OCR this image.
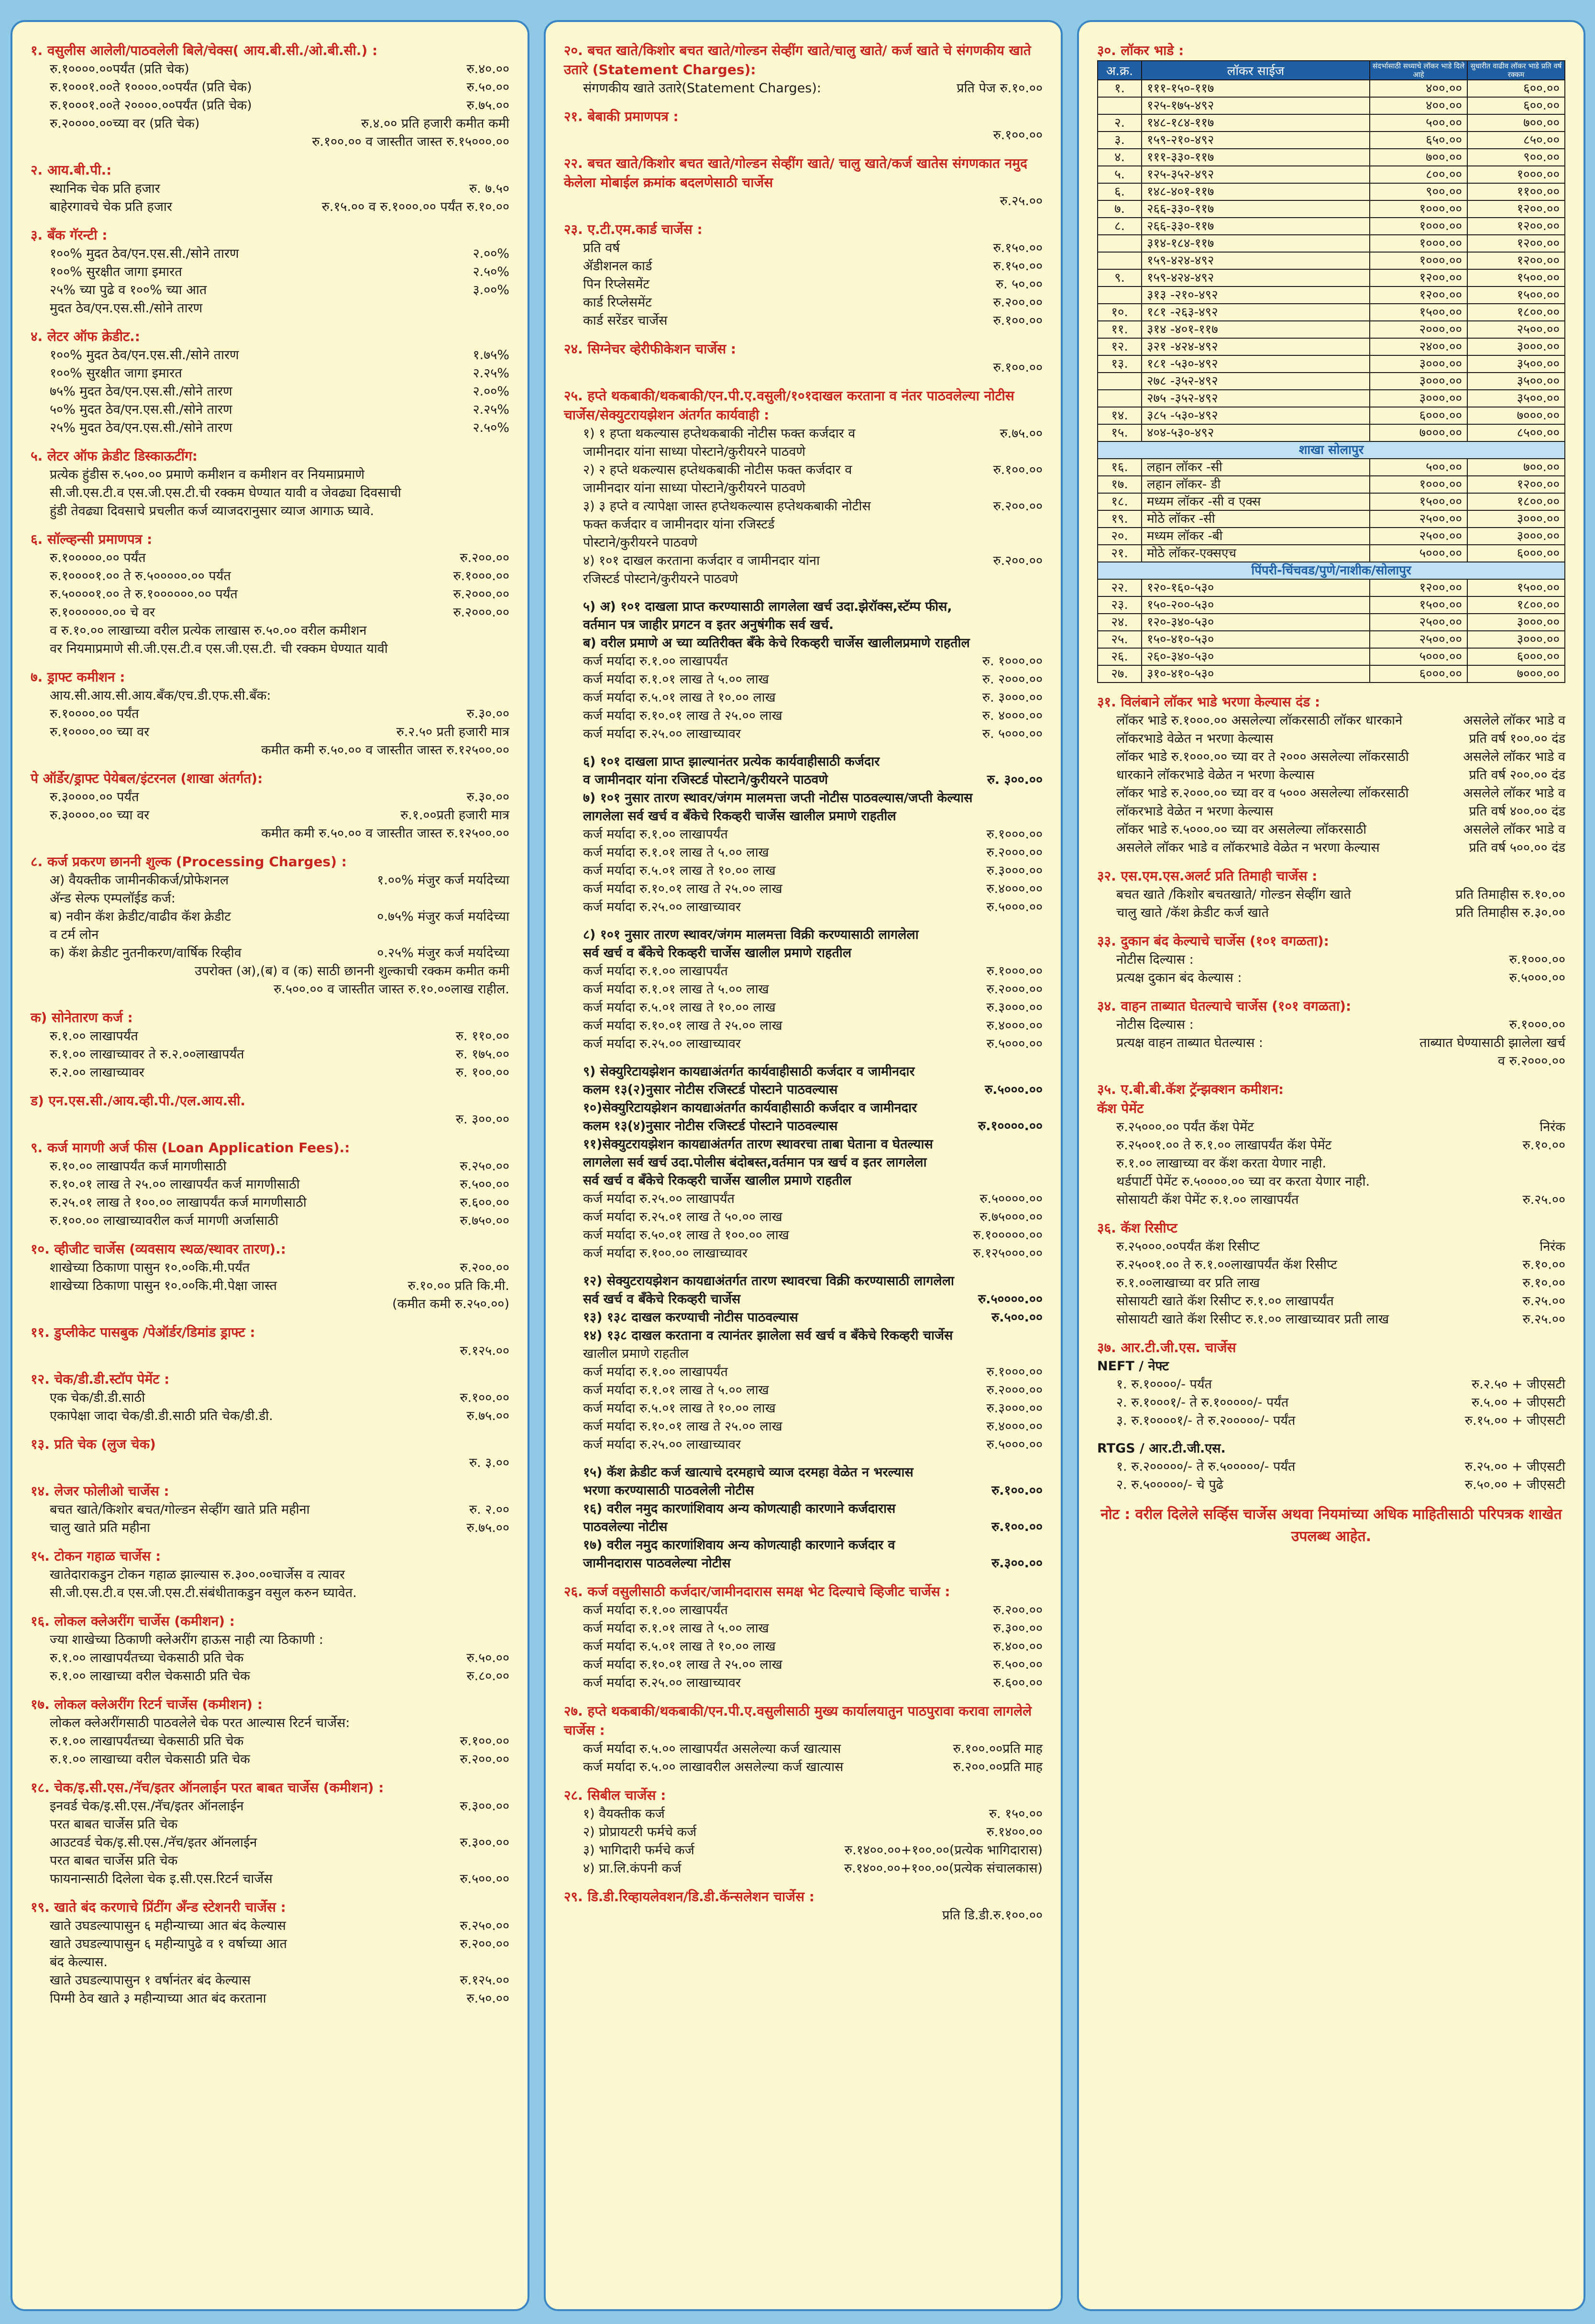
१. वसुलीस आलेली/पाठवलेली बिले/चेक्स( आय.बी.सी./ओ.बी.सी.) :
रु.१००००.००पर्यंत (प्रति चेक)	रु.४०.००
रु.१०००१.००ते १००००.००पर्यंत (प्रति चेक)	रु.५०.००
रु.१०००१.००ते २००००.००पर्यंत (प्रति चेक)	रु.७५.००
रु.२००००.००च्या वर (प्रति चेक)	रु.४.०० प्रति हजारी कमीत कमी
रु.१००.०० व जास्तीत जास्त रु.१५०००.००
२. आय.बी.पी.:
स्थानिक चेक प्रति हजार	रु. ७.५०
बाहेरगावचे चेक प्रति हजार	रु.१५.०० व रु.१०००.०० पर्यंत रु.१०.००
३. बँक गॅरन्टी :
१००% मुदत ठेव/एन.एस.सी./सोने तारण	२.००%
१००% सुरक्षीत जागा इमारत	२.५०%
२५% च्या पुढे व १००% च्या आत	३.००%
मुदत ठेव/एन.एस.सी./सोने तारण
४. लेटर ऑफ क्रेडीट.:
१००% मुदत ठेव/एन.एस.सी./सोने तारण	१.७५%
१००% सुरक्षीत जागा इमारत	२.२५%
७५% मुदत ठेव/एन.एस.सी./सोने तारण	२.००%
५०% मुदत ठेव/एन.एस.सी./सोने तारण	२.२५%
२५% मुदत ठेव/एन.एस.सी./सोने तारण	२.५०%
५. लेटर ऑफ क्रेडीट डिस्काऊटींग:
प्रत्येक हुंडीस रु.५००.०० प्रमाणे कमीशन व कमीशन वर नियमाप्रमाणे
सी.जी.एस.टी.व एस.जी.एस.टी.ची रक्कम घेण्यात यावी व जेवढ्या दिवसाची
हुंडी तेवढ्या दिवसाचे प्रचलीत कर्ज व्याजदरानुसार व्याज आगाऊ घ्यावे.
६. सॉल्व्हन्सी प्रमाणपत्र :
रु.१०००००.०० पर्यंत	रु.२००.००
रु.१००००१.०० ते रु.५०००००.०० पर्यंत	रु.१०००.००
रु.५००००१.०० ते रु.१००००००.०० पर्यंत	रु.२०००.००
रु.१००००००.०० चे वर	रु.२०००.००
व रु.१०.०० लाखाच्या वरील प्रत्येक लाखास रु.५०.०० वरील कमीशन
वर नियमाप्रमाणे सी.जी.एस.टी.व एस.जी.एस.टी. ची रक्कम घेण्यात यावी
७. ड्राफ्ट कमीशन :
आय.सी.आय.सी.आय.बँक/एच.डी.एफ.सी.बँक:
रु.१००००.०० पर्यंत	रु.३०.००
रु.१००००.०० च्या वर	रु.२.५० प्रती हजारी मात्र
कमीत कमी रु.५०.०० व जास्तीत जास्त रु.१२५००.००
पे ऑर्डेर/ड्राफ्ट पेयेबल/इंटरनल (शाखा अंतर्गत):
रु.३००००.०० पर्यंत	रु.३०.००
रु.३००००.०० च्या वर	रु.१.००प्रती हजारी मात्र
कमीत कमी रु.५०.०० व जास्तीत जास्त रु.१२५००.००
८. कर्ज प्रकरण छाननी शुल्क (Processing Charges) :
अ) वैयक्तीक जामीनकीकर्ज/प्रोफेशनल	१.००% मंजुर कर्ज मर्यादेच्या
अ‍ॅन्ड सेल्फ एम्पलॉईड कर्ज:
ब) नवीन कॅश क्रेडीट/वाढीव कॅश क्रेडीट	०.७५% मंजुर कर्ज मर्यादेच्या
व टर्म लोन
क) कॅश क्रेडीट नुतनीकरण/वार्षिक रिव्हीव	०.२५% मंजुर कर्ज मर्यादेच्या
उपरोक्त (अ),(ब) व (क) साठी छाननी शुल्काची रक्कम कमीत कमी
रु.५००.०० व जास्तीत जास्त रु.१०.००लाख राहील.
क) सोनेतारण कर्ज :
रु.१.०० लाखापर्यंत	रु. ११०.००
रु.१.०० लाखाच्यावर ते रु.२.००लाखापर्यंत	रु. १७५.००
रु.२.०० लाखाच्यावर	रु. १००.००
ड) एन.एस.सी./आय.व्ही.पी./एल.आय.सी.
रु. ३००.००
९. कर्ज मागणी अर्ज फीस (Loan Application Fees).:
रु.१०.०० लाखापर्यंत कर्ज मागणीसाठी	रु.२५०.००
रु.१०.०१ लाख ते २५.०० लाखापर्यंत कर्ज मागणीसाठी	रु.५००.००
रु.२५.०१ लाख ते १००.०० लाखापर्यंत कर्ज मागणीसाठी	रु.६००.००
रु.१००.०० लाखाच्यावरील कर्ज मागणी अर्जासाठी	रु.७५०.००
१०. व्हीजीट चार्जेस (व्यवसाय स्थळ/स्थावर तारण).:
शाखेच्या ठिकाणा पासुन १०.००कि.मी.पर्यंत	रु.२००.००
शाखेच्या ठिकाणा पासुन १०.००कि.मी.पेक्षा जास्त	रु.१०.०० प्रति कि.मी.
(कमीत कमी रु.२५०.००)
११. डुप्लीकेट पासबुक /पेऑर्डर/डिमांड ड्राफ्ट :
रु.१२५.००
१२. चेक/डी.डी.स्टॉप पेमेंट :
एक चेक/डी.डी.साठी	रु.१००.००
एकापेक्षा जादा चेक/डी.डी.साठी प्रति चेक/डी.डी.	रु.७५.००
१३. प्रति चेक (लुज चेक)
रु. ३.००
१४. लेजर फोलीओ चार्जेस :
बचत खाते/किशोर बचत/गोल्डन सेव्हींग खाते प्रति महीना	रु. २.००
चालु खाते प्रति महीना	रु.७५.००
१५. टोकन गहाळ चार्जेस :
खातेदाराकडुन टोकन गहाळ झाल्यास रु.३००.००चार्जेस व त्यावर
सी.जी.एस.टी.व एस.जी.एस.टी.संबंधीताकडुन वसुल करुन घ्यावेत.
१६. लोकल क्लेअरींग चार्जेस (कमीशन) :
ज्या शाखेच्या ठिकाणी क्लेअरींग हाऊस नाही त्या ठिकाणी :
रु.१.०० लाखापर्यंतच्या चेकसाठी प्रति चेक	रु.५०.००
रु.१.०० लाखाच्या वरील चेकसाठी प्रति चेक	रु.८०.००
१७. लोकल क्लेअरींग रिटर्न चार्जेस (कमीशन) :
लोकल क्लेअरींगसाठी पाठवलेले चेक परत आल्यास रिटर्न चार्जेस:
रु.१.०० लाखापर्यंतच्या चेकसाठी प्रति चेक	रु.१००.००
रु.१.०० लाखाच्या वरील चेकसाठी प्रति चेक	रु.२००.००
१८. चेक/इ.सी.एस./नॅच/इतर ऑनलाईन परत बाबत चार्जेस (कमीशन) :
इनवर्ड चेक/इ.सी.एस./नॅच/इतर ऑनलाईन	रु.३००.००
परत बाबत चार्जेस प्रति चेक
आउटवर्ड चेक/इ.सी.एस./नॅच/इतर ऑनलाईन	रु.३००.००
परत बाबत चार्जेस प्रति चेक
फायनान्साठी दिलेला चेक इ.सी.एस.रिटर्न चार्जेस	रु.५००.००
१९. खाते बंद करणाचे प्रिंटींग अँन्ड स्टेशनरी चार्जेस :
खाते उघडल्यापासुन ६ महीन्याच्या आत बंद केल्यास	रु.२५०.००
खाते उघडल्यापासुन ६ महीन्यापुढे व १ वर्षाच्या आत	रु.२००.००
बंद केल्यास.
खाते उघडल्यापासुन १ वर्षानंतर बंद केल्यास	रु.१२५.००
पिग्मी ठेव खाते ३ महीन्याच्या आत बंद करताना	रु.५०.००
२०. बचत खाते/किशोर बचत खाते/गोल्डन सेव्हींग खाते/चालु खाते/ कर्ज खाते चे संगणकीय खाते उतारे (Statement Charges):
संगणकीय खाते उतारे(Statement Charges):	प्रति पेज रु.१०.००
२१. बेबाकी प्रमाणपत्र :
रु.१००.००
२२. बचत खाते/किशोर बचत खाते/गोल्डन सेव्हींग खाते/ चालु खाते/कर्ज खातेस संगणकात नमुद केलेला मोबाईल क्रमांक बदलणेसाठी चार्जेस
रु.२५.००
२३. ए.टी.एम.कार्ड चार्जेस :
प्रति वर्ष	रु.१५०.००
ॲडीशनल कार्ड	रु.१५०.००
पिन रिप्लेसमेंट	रु. ५०.००
कार्ड रिप्लेसमेंट	रु.२००.००
कार्ड सरेंडर चार्जेस	रु.१००.००
२४. सिग्नेचर व्हेरीफीकेशन चार्जेस :
रु.१००.००
२५. हप्ते थकबाकी/थकबाकी/एन.पी.ए.वसुली/१०१दाखल करताना व नंतर पाठवलेल्या नोटीस चार्जेस/सेक्युटरायझेशन अंतर्गत कार्यवाही :
१) १ हप्ता थकल्यास हप्तेथकबाकी नोटीस फक्त कर्जदार व	रु.७५.००
जामीनदार यांना साध्या पोस्टाने/कुरीयरने पाठवणे
२) २ हप्ते थकल्यास हप्तेथकबाकी नोटीस फक्त कर्जदार व	रु.१००.००
जामीनदार यांना साध्या पोस्टाने/कुरीयरने पाठवणे
३) ३ हप्ते व त्यापेक्षा जास्त हप्तेथकल्यास हप्तेथकबाकी नोटीस	रु.२००.००
फक्त कर्जदार व जामीनदार यांना रजिस्टर्ड
पोस्टाने/कुरीयरने पाठवणे
४) १०१ दाखल करताना कर्जदार व जामीनदार यांना	रु.२००.००
रजिस्टर्ड पोस्टाने/कुरीयरने पाठवणे
५) अ) १०१ दाखला प्राप्त करण्यासाठी लागलेला खर्च उदा.झेरॉक्स,स्टॅम्प फीस,
वर्तमान पत्र जाहीर प्रगटन व इतर अनुषंगीक सर्व खर्च.
ब) वरील प्रमाणे अ च्या व्यतिरीक्त बँके केचे रिकव्हरी चार्जेस खालीलप्रमाणे राहतील
कर्ज मर्यादा रु.१.०० लाखापर्यंत	रु. १०००.००
कर्ज मर्यादा रु.१.०१ लाख ते ५.०० लाख	रु. २०००.००
कर्ज मर्यादा रु.५.०१ लाख ते १०.०० लाख	रु. ३०००.००
कर्ज मर्यादा रु.१०.०१ लाख ते २५.०० लाख	रु. ४०००.००
कर्ज मर्यादा रु.२५.०० लाखाच्यावर	रु. ५०००.००
६) १०१ दाखला प्राप्त झाल्यानंतर प्रत्येक कार्यवाहीसाठी कर्जदार
व जामीनदार यांना रजिस्टर्ड पोस्टाने/कुरीयरने पाठवणे	रु. ३००.००
७) १०१ नुसार तारण स्थावर/जंगम मालमत्ता जप्ती नोटीस पाठवल्यास/जप्ती केल्यास
लागलेला सर्व खर्च व बँकेचे रिकव्हरी चार्जेस खालील प्रमाणे राहतील
कर्ज मर्यादा रु.१.०० लाखापर्यंत	रु.१०००.००
कर्ज मर्यादा रु.१.०१ लाख ते ५.०० लाख	रु.२०००.००
कर्ज मर्यादा रु.५.०१ लाख ते १०.०० लाख	रु.३०००.००
कर्ज मर्यादा रु.१०.०१ लाख ते २५.०० लाख	रु.४०००.००
कर्ज मर्यादा रु.२५.०० लाखाच्यावर	रु.५०००.००
८) १०१ नुसार तारण स्थावर/जंगम मालमत्ता विक्री करण्यासाठी लागलेला
सर्व खर्च व बँकेचे रिकव्हरी चार्जेस खालील प्रमाणे राहतील
कर्ज मर्यादा रु.१.०० लाखापर्यंत	रु.१०००.००
कर्ज मर्यादा रु.१.०१ लाख ते ५.०० लाख	रु.२०००.००
कर्ज मर्यादा रु.५.०१ लाख ते १०.०० लाख	रु.३०००.००
कर्ज मर्यादा रु.१०.०१ लाख ते २५.०० लाख	रु.४०००.००
कर्ज मर्यादा रु.२५.०० लाखाच्यावर	रु.५०००.००
९) सेक्युरिटायझेशन कायद्याअंतर्गत कार्यवाहीसाठी कर्जदार व जामीनदार
कलम १३(२)नुसार नोटीस रजिस्टर्ड पोस्टाने पाठवल्यास	रु.५०००.००
१०)सेक्युरिटायझेशन कायद्याअंतर्गत कार्यवाहीसाठी कर्जदार व जामीनदार
कलम १३(४)नुसार नोटीस रजिस्टर्ड पोस्टाने पाठवल्यास	रु.१००००.००
११)सेक्युटरायझेशन कायद्याअंतर्गत तारण स्थावरचा ताबा घेताना व घेतल्यास
लागलेला सर्व खर्च उदा.पोलीस बंदोबस्त,वर्तमान पत्र खर्च व इतर लागलेला
सर्व खर्च व बँकेचे रिकव्हरी चार्जेस खालील प्रमाणे राहतील
कर्ज मर्यादा रु.२५.०० लाखापर्यंत	रु.५००००.००
कर्ज मर्यादा रु.२५.०१ लाख ते ५०.०० लाख	रु.७५०००.००
कर्ज मर्यादा रु.५०.०१ लाख ते १००.०० लाख	रु.१०००००.००
कर्ज मर्यादा रु.१००.०० लाखाच्यावर	रु.१२५०००.००
१२) सेक्युटरायझेशन कायद्याअंतर्गत तारण स्थावरचा विक्री करण्यासाठी लागलेला
सर्व खर्च व बँकेचे रिकव्हरी चार्जेस	रु.५००००.००
१३) १३८ दाखल करण्याची नोटीस पाठवल्यास	रु.५००.००
१४) १३८ दाखल करताना व त्यानंतर झालेला सर्व खर्च व बँकेचे रिकव्हरी चार्जेस
खालील प्रमाणे राहतील
कर्ज मर्यादा रु.१.०० लाखापर्यंत	रु.१०००.००
कर्ज मर्यादा रु.१.०१ लाख ते ५.०० लाख	रु.२०००.००
कर्ज मर्यादा रु.५.०१ लाख ते १०.०० लाख	रु.३०००.००
कर्ज मर्यादा रु.१०.०१ लाख ते २५.०० लाख	रु.४०००.००
कर्ज मर्यादा रु.२५.०० लाखाच्यावर	रु.५०००.००
१५) कॅश क्रेडीट कर्ज खात्याचे दरमहाचे व्याज दरमहा वेळेत न भरल्यास
भरणा करण्यासाठी पाठवलेली नोटीस	रु.१००.००
१६) वरील नमुद कारणांशिवाय अन्य कोणत्याही कारणाने कर्जदारास
पाठवलेल्या नोटीस	रु.१००.००
१७) वरील नमुद कारणांशिवाय अन्य कोणत्याही कारणाने कर्जदार व
जामीनदारास पाठवलेल्या नोटीस	रु.३००.००
२६. कर्ज वसुलीसाठी कर्जदार/जामीनदारास समक्ष भेट दिल्याचे व्हिजीट चार्जेस :
कर्ज मर्यादा रु.१.०० लाखापर्यंत	रु.२००.००
कर्ज मर्यादा रु.१.०१ लाख ते ५.०० लाख	रु.३००.००
कर्ज मर्यादा रु.५.०१ लाख ते १०.०० लाख	रु.४००.००
कर्ज मर्यादा रु.१०.०१ लाख ते २५.०० लाख	रु.५००.००
कर्ज मर्यादा रु.२५.०० लाखाच्यावर	रु.६००.००
२७. हप्ते थकबाकी/थकबाकी/एन.पी.ए.वसुलीसाठी मुख्य कार्यालयातुन पाठपुरावा करावा लागलेले चार्जेस :
कर्ज मर्यादा रु.५.०० लाखापर्यंत असलेल्या कर्ज खात्यास	रु.१००.००प्रति माह
कर्ज मर्यादा रु.५.०० लाखावरील असलेल्या कर्ज खात्यास	रु.२००.००प्रति माह
२८. सिबील चार्जेस :
१) वैयक्तीक कर्ज	रु. १५०.००
२) प्रोप्रायटरी फर्मचे कर्ज	रु.१४००.००
३) भागिदारी फर्मचे कर्ज	रु.१४००.००+१००.००(प्रत्येक भागिदारास)
४) प्रा.लि.कंपनी कर्ज	रु.१४००.००+१००.००(प्रत्येक संचालकास)
२९. डि.डी.रिव्हायलेवशन/डि.डी.कॅन्सलेशन चार्जेस :
प्रति डि.डी.रु.१००.००
३०. लॉकर भाडे :
अ.क्र.	लॉकर साईज	संदर्भासाठी सध्याचे लॉकर भाडे दिले आहे	सुधारीत वाढीव लॉकर भाडे प्रति वर्ष रक्कम
१.	१११-१५०-११७	४००.००	६००.००
	१२५-१७५-४९२	४००.००	६००.००
२.	१४८-१८४-११७	५००.००	७००.००
३.	१५९-२१०-४९२	६५०.००	८५०.००
४.	१११-३३०-११७	७००.००	९००.००
५.	१२५-३५२-४९२	८००.००	१०००.००
६.	१४८-४०१-११७	९००.००	११००.००
७.	२६६-३३०-११७	१०००.००	१२००.००
८.	२६६-३३०-११७	१०००.००	१२००.००
	३१४-१८४-११७	१०००.००	१२००.००
	१५९-४२४-४९२	१०००.००	१२००.००
९.	१५९-४२४-४९२	१२००.००	१५००.००
	३१३ -२१०-४९२	१२००.००	१५००.००
१०.	१८१ -२६३-४९२	१५००.००	१८००.००
११.	३१४ -४०१-११७	२०००.००	२५००.००
१२.	३२१ -४२४-४९२	२४००.००	३०००.००
१३.	१८१ -५३०-४९२	३०००.००	३५००.००
	२७८ -३५२-४९२	३०००.००	३५००.००
	२७५ -३५२-४९२	३०००.००	३५००.००
१४.	३८५ -५३०-४९२	६०००.००	७०००.००
१५.	४०४-५३०-४९२	७०००.००	८५००.००
शाखा सोलापुर			
१६.	लहान लॉकर -सी	५००.००	७००.००
१७.	लहान लॉकर- डी	१०००.००	१२००.००
१८.	मध्यम लॉकर -सी व एक्स	१५००.००	१८००.००
१९.	मोठे लॉकर -सी	२५००.००	३०००.००
२०.	मध्यम लॉकर -बी	२५००.००	३०००.००
२१.	मोठे लॉकर-एक्सएच	५०००.००	६०००.००
पिंपरी-चिंचवड/पुणे/नाशीक/सोलापुर			
२२.	१२०-१६०-५३०	१२००.००	१५००.००
२३.	१५०-२००-५३०	१५००.००	१८००.००
२४.	१२०-३४०-५३०	२५००.००	३०००.००
२५.	१५०-४१०-५३०	२५००.००	३०००.००
२६.	२६०-३४०-५३०	५०००.००	६०००.००
२७.	३१०-४१०-५३०	६०००.००	७०००.००
३१. विलंबाने लॉकर भाडे भरणा केल्यास दंड :
लॉकर भाडे रु.१०००.०० असलेल्या लॉकरसाठी लॉकर धारकाने	असलेले लॉकर भाडे व
लॉकरभाडे वेळेत न भरणा केल्यास	प्रति वर्ष १००.०० दंड
लॉकर भाडे रु.१०००.०० च्या वर ते २००० असलेल्या लॉकरसाठी	असलेले लॉकर भाडे व
धारकाने लॉकरभाडे वेळेत न भरणा केल्यास	प्रति वर्ष २००.०० दंड
लॉकर भाडे रु.२०००.०० च्या वर व ५००० असलेल्या लॉकरसाठी	असलेले लॉकर भाडे व
लॉकरभाडे वेळेत न भरणा केल्यास	प्रति वर्ष ४००.०० दंड
लॉकर भाडे रु.५०००.०० च्या वर असलेल्या लॉकरसाठी	असलेले लॉकर भाडे व
असलेले लॉकर भाडे व लॉकरभाडे वेळेत न भरणा केल्यास	प्रति वर्ष ५००.०० दंड
३२. एस.एम.एस.अलर्ट प्रति तिमाही चार्जेस :
बचत खाते /किशोर बचतखाते/ गोल्डन सेव्हींग खाते	प्रति तिमाहीस रु.१०.००
चालु खाते /कॅश क्रेडीट कर्ज खाते	प्रति तिमाहीस रु.३०.००
३३. दुकान बंद केल्याचे चार्जेस (१०१ वगळता):
नोटीस दिल्यास :	रु.१०००.००
प्रत्यक्ष दुकान बंद केल्यास :	रु.५०००.००
३४. वाहन ताब्यात घेतल्याचे चार्जेस (१०१ वगळता):
नोटीस दिल्यास :	रु.१०००.००
प्रत्यक्ष वाहन ताब्यात घेतल्यास :	ताब्यात घेण्यासाठी झालेला खर्च
व रु.२०००.००
३५. ए.बी.बी.कॅश ट्रॅन्झक्शन कमीशन:
कॅश पेमेंट
रु.२५०००.०० पर्यंत कॅश पेमेंट	निरंक
रु.२५००१.०० ते रु.१.०० लाखापर्यंत कॅश पेमेंट	रु.१०.००
रु.१.०० लाखाच्या वर कॅश करता येणार नाही.
थर्डपार्टी पेमेंट रु.५००००.०० च्या वर करता येणार नाही.
सोसायटी कॅश पेमेंट रु.१.०० लाखापर्यंत	रु.२५.००
३६. कॅश रिसीप्ट
रु.२५०००.००पर्यंत कॅश रिसीप्ट	निरंक
रु.२५००१.०० ते रु.१.००लाखापर्यंत कॅश रिसीप्ट	रु.१०.००
रु.१.००लाखाच्या वर प्रति लाख	रु.१०.००
सोसायटी खाते कॅश रिसीप्ट रु.१.०० लाखापर्यंत	रु.२५.००
सोसायटी खाते कॅश रिसीप्ट रु.१.०० लाखाच्यावर प्रती लाख	रु.२५.००
३७. आर.टी.जी.एस. चार्जेस
NEFT / नेफ्ट
१. रु.१००००/- पर्यंत	रु.२.५० + जीएसटी
२. रु.१०००१/- ते रु.१०००००/- पर्यंत	रु.५.०० + जीएसटी
३. रु.१००००१/- ते रु.२०००००/- पर्यंत	रु.१५.०० + जीएसटी
RTGS / आर.टी.जी.एस.
१. रु.२०००००/- ते रु.५०००००/- पर्यंत	रु.२५.०० + जीएसटी
२. रु.५०००००/- चे पुढे	रु.५०.०० + जीएसटी
नोट : वरील दिलेले सर्व्हिस चार्जेस अथवा नियमांच्या अधिक माहितीसाठी परिपत्रक शाखेत उपलब्ध आहेत.
